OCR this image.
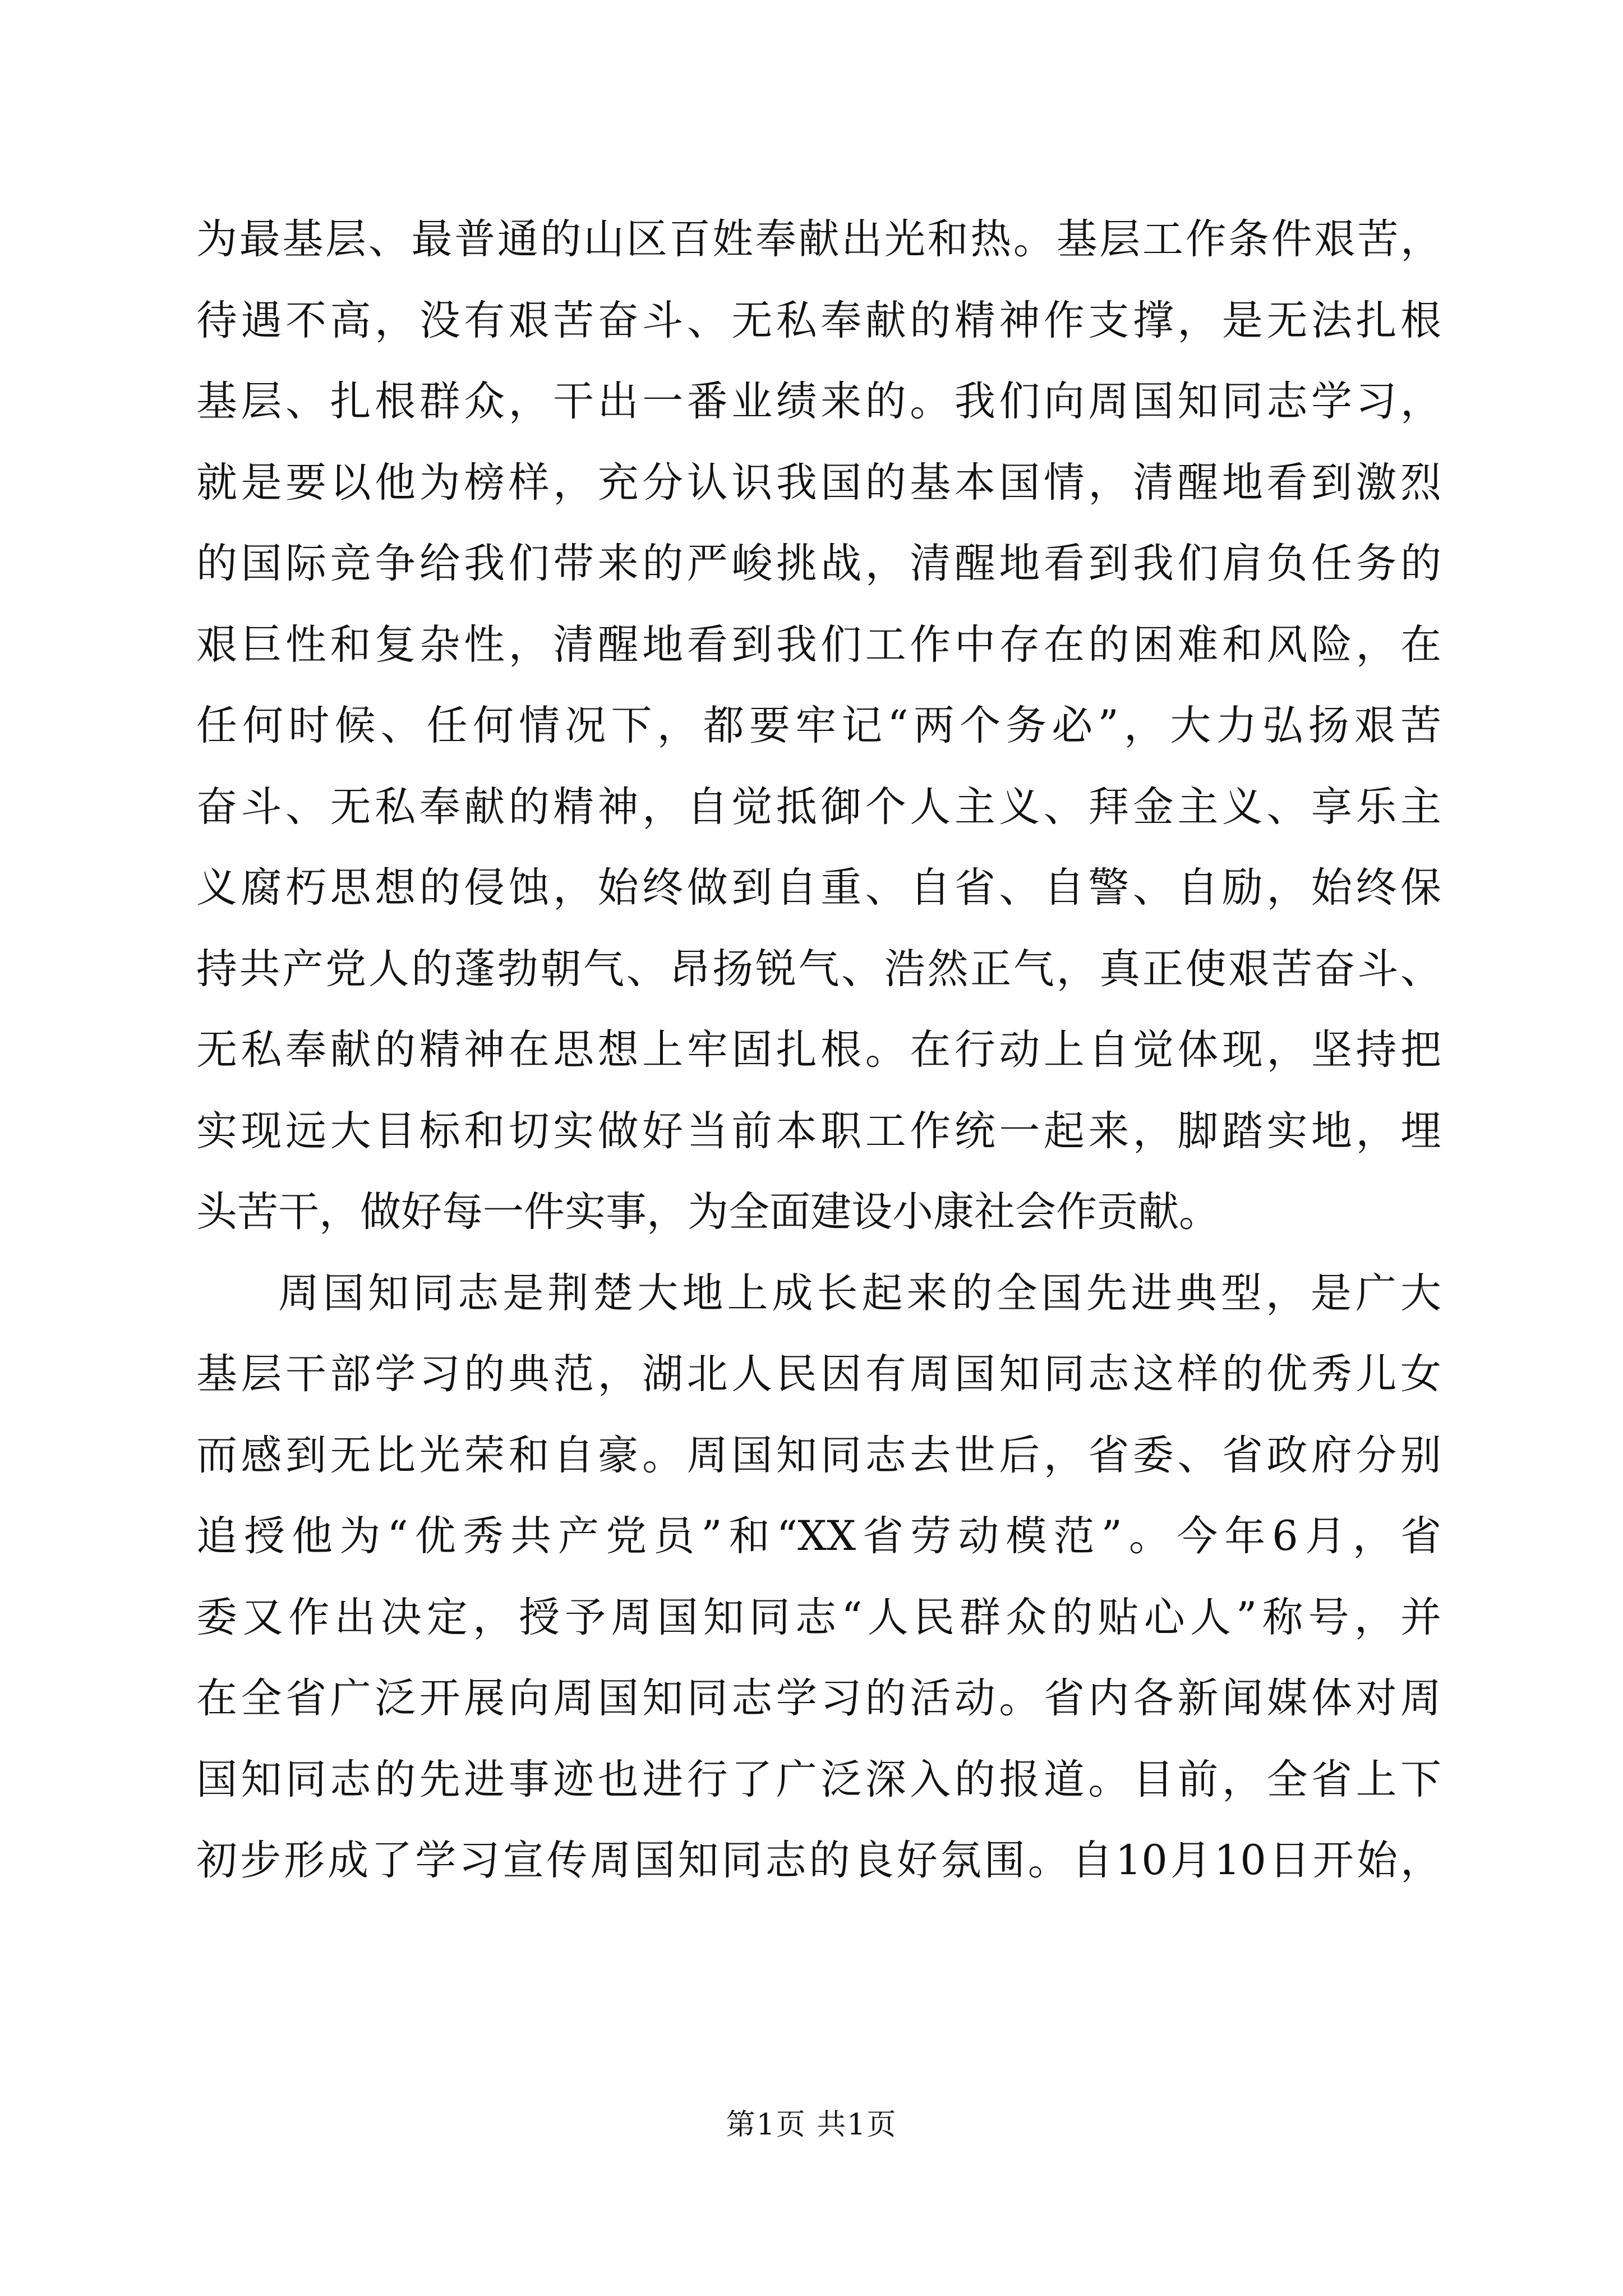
为最基层、最普通的山区百姓奉献出光和热。基层工作条件艰苦，
待遇不高，没有艰苦奋斗、无私奉献的精神作支撑，是无法扎根
基层、扎根群众，干出一番业绩来的。我们向周国知同志学习，
就是要以他为榜样，充分认识我国的基本国情，清醒地看到激烈
的国际竞争给我们带来的严峻挑战，清醒地看到我们肩负任务的
艰巨性和复杂性，清醒地看到我们工作中存在的困难和风险，在
任何时候、任何情况下，都要牢记“两个务必”，大力弘扬艰苦
奋斗、无私奉献的精神，自觉抵御个人主义、拜金主义、享乐主
义腐朽思想的侵蚀，始终做到自重、自省、自警、自励，始终保
持共产党人的蓬勃朝气、昂扬锐气、浩然正气，真正使艰苦奋斗、
无私奉献的精神在思想上牢固扎根。在行动上自觉体现，坚持把
实现远大目标和切实做好当前本职工作统一起来，脚踏实地，埋
头苦干，做好每一件实事，为全面建设小康社会作贡献。
周国知同志是荆楚大地上成长起来的全国先进典型，是广大
基层干部学习的典范，湖北人民因有周国知同志这样的优秀儿女
而感到无比光荣和自豪。周国知同志去世后，省委、省政府分别
追授他为“优秀共产党员”和“XX省劳动模范”。今年6月，省
委又作出决定，授予周国知同志“人民群众的贴心人”称号，并
在全省广泛开展向周国知同志学习的活动。省内各新闻媒体对周
国知同志的先进事迹也进行了广泛深入的报道。目前，全省上下
初步形成了学习宣传周国知同志的良好氛围。自10月10日开始，
第1页 共1页
